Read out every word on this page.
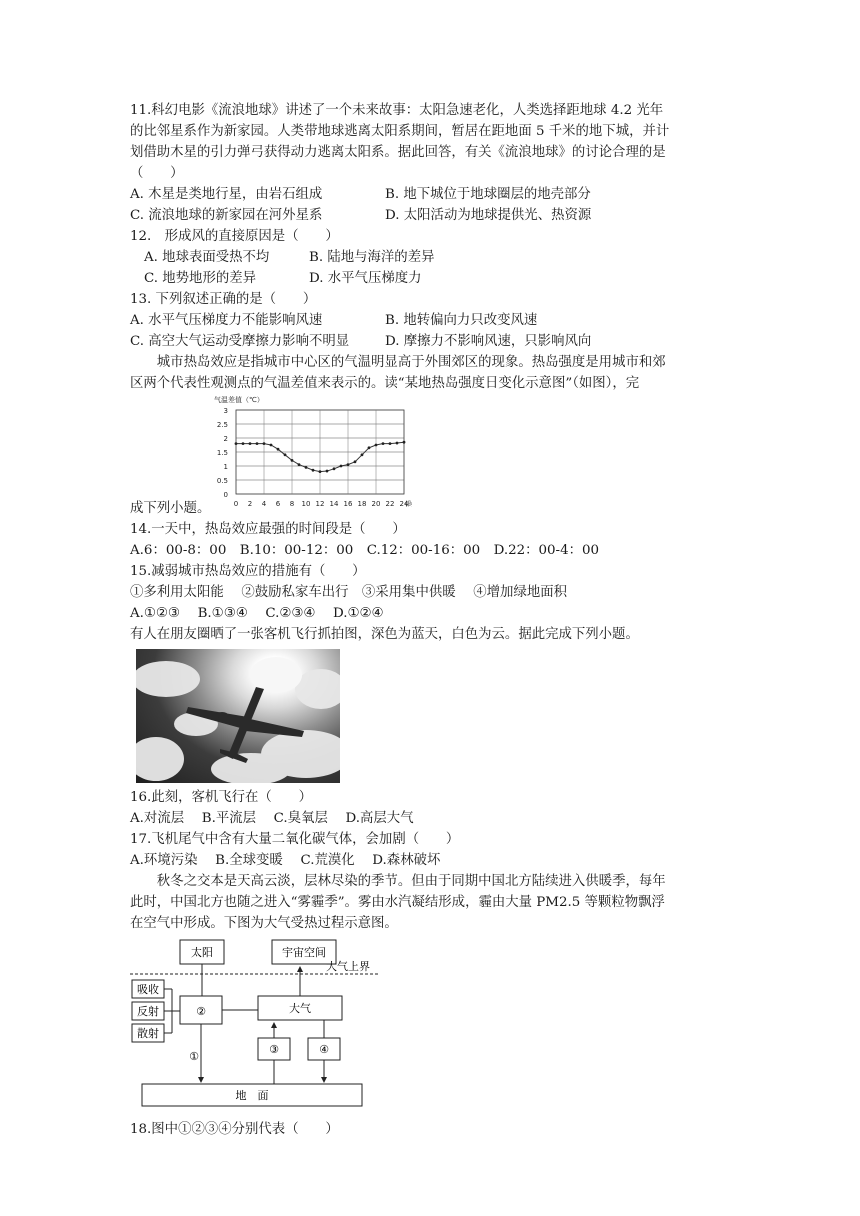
11.科幻电影《流浪地球》讲述了一个未来故事：太阳急速老化，人类选择距地球 4.2 光年
的比邻星系作为新家园。人类带地球逃离太阳系期间，暂居在距地面 5 千米的地下城，并计
划借助木星的引力弹弓获得动力逃离太阳系。据此回答，有关《流浪地球》的讨论合理的是
（　　）
A. 木星是类地行星，由岩石组成	B. 地下城位于地球圈层的地壳部分
C. 流浪地球的新家园在河外星系	D. 太阳活动为地球提供光、热资源
12.　形成风的直接原因是（　　）
A. 地球表面受热不均	B. 陆地与海洋的差异
C. 地势地形的差异	D. 水平气压梯度力
13. 下列叙述正确的是（　　）
A. 水平气压梯度力不能影响风速	B. 地转偏向力只改变风速
C. 高空大气运动受摩擦力影响不明显	D. 摩擦力不影响风速，只影响风向
城市热岛效应是指城市中心区的气温明显高于外围郊区的现象。热岛强度是用城市和郊
区两个代表性观测点的气温差值来表示的。读“某地热岛强度日变化示意图”（如图），完
成下列小题。
0
0.5
1
1.5
2
2.5
3
0 2 4 6 8 10 12 14 16 18 20 22 24
气温差值（℃）
(时
14.一天中，热岛效应最强的时间段是（　　）
A.6：00-8：00　B.10：00-12：00　C.12：00-16：00　D.22：00-4：00
15.减弱城市热岛效应的措施有（　　）
①多利用太阳能　 ②鼓励私家车出行　③采用集中供暖　 ④增加绿地面积
A.①②③　 B.①③④　 C.②③④　 D.①②④
有人在朋友圈晒了一张客机飞行抓拍图，深色为蓝天，白色为云。据此完成下列小题。
16.此刻，客机飞行在（　　）
A.对流层　 B.平流层　 C.臭氧层　 D.高层大气
17.飞机尾气中含有大量二氧化碳气体，会加剧（　　）
A.环境污染　 B.全球变暖　 C.荒漠化　 D.森林破坏
秋冬之交本是天高云淡，层林尽染的季节。但由于同期中国北方陆续进入供暖季，每年
此时，中国北方也随之进入“雾霾季”。雾由水汽凝结形成，霾由大量 PM2.5 等颗粒物飘浮
在空气中形成。下图为大气受热过程示意图。
太阳	宇宙空间
大气上界
吸收
反射
散射
②	大气
①
③	④
地　面
18.图中①②③④分别代表（　　）
